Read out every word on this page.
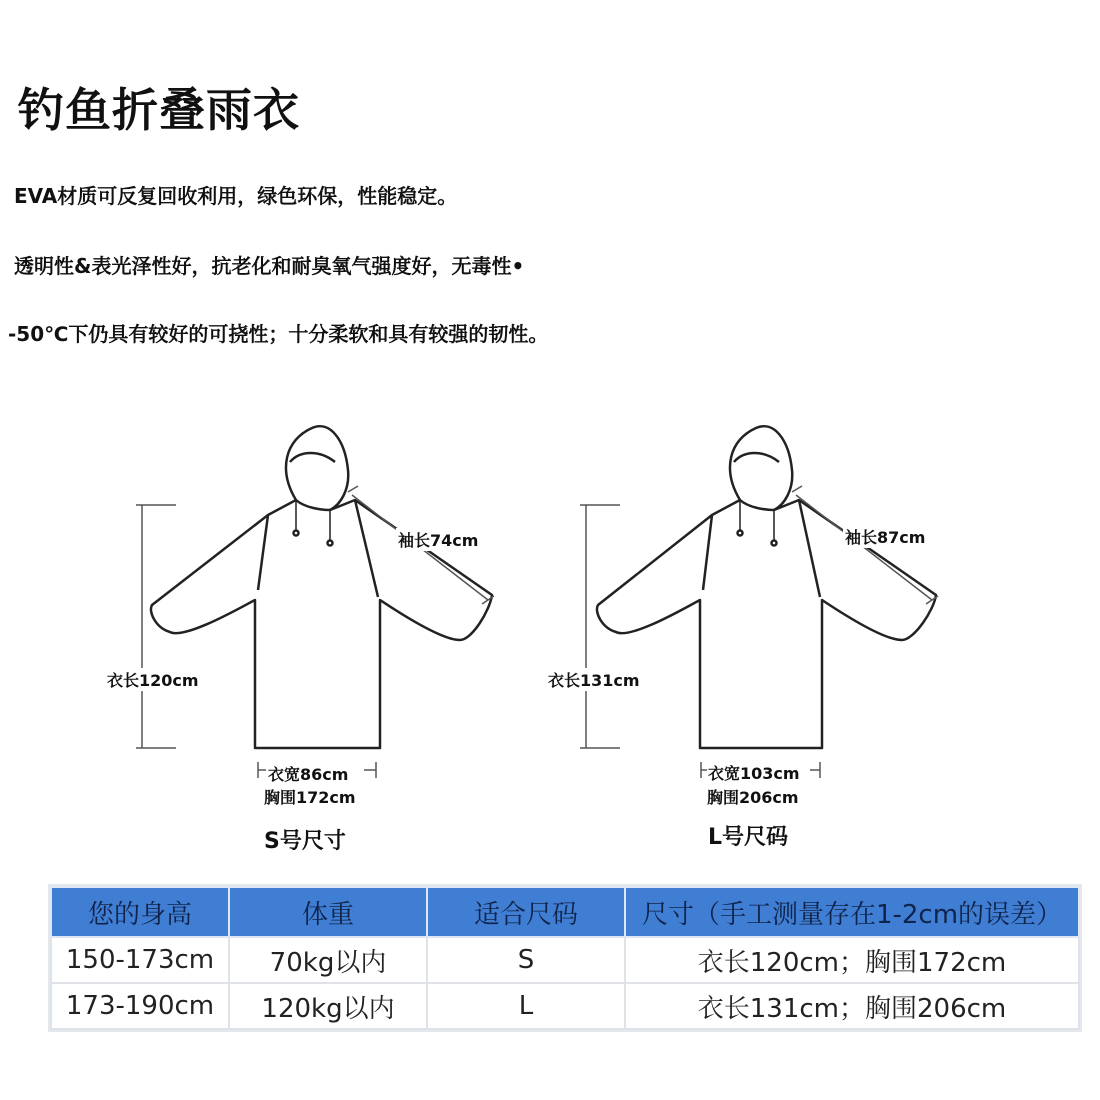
钓鱼折叠雨衣
EVA材质可反复回收利用，绿色环保，性能稳定。
透明性&表光泽性好，抗老化和耐臭氧气强度好，无毒性•
-50℃下仍具有较好的可挠性；十分柔软和具有较强的韧性。
袖长74cm
衣长120cm
衣宽86cm
胸围172cm
S号尺寸
袖长87cm
衣长131cm
衣宽103cm
胸围206cm
L号尺码
您的身高	体重	适合尺码	尺寸（手工测量存在1-2cm的误差）
150-173cm	70kg以内	S	衣长120cm；胸围172cm
173-190cm	120kg以内	L	衣长131cm；胸围206cm
